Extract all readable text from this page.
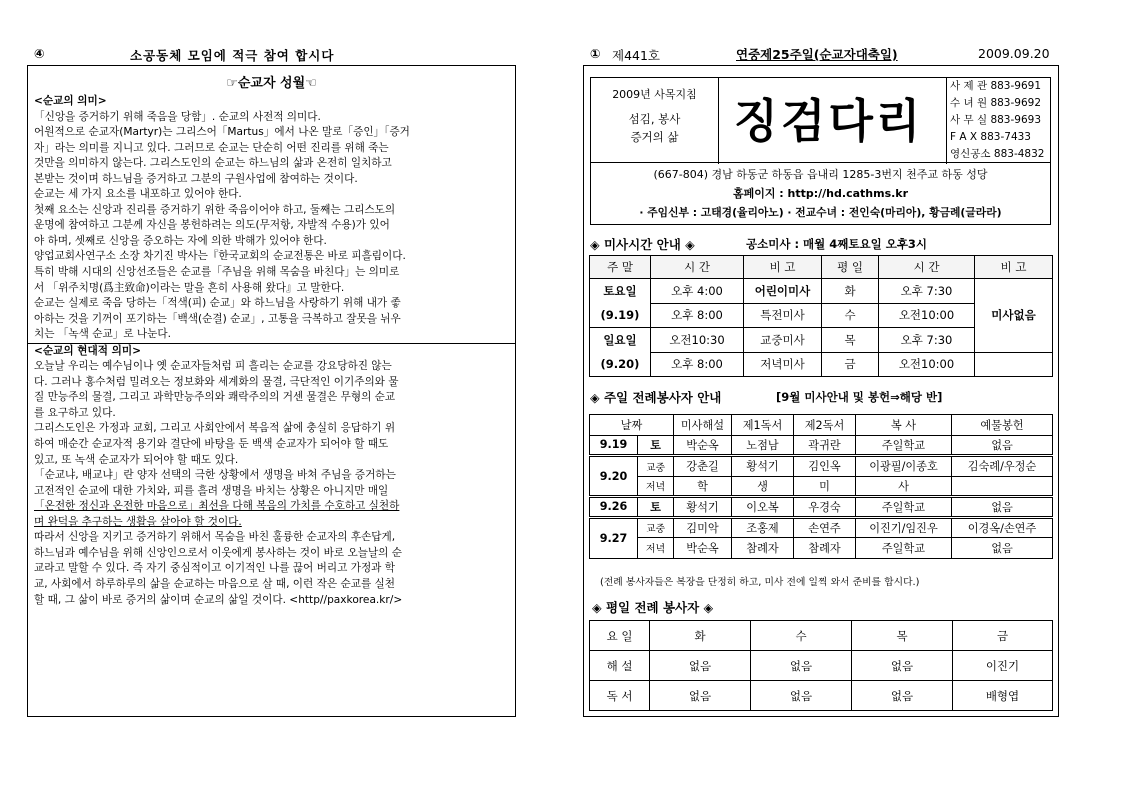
④	소공동체 모임에 적극 참여 합시다	① 제441호	연중제25주일(순교자대축일)	2009.09.20
☞순교자 성월☜

<순교의 의미>

「신앙을 증거하기 위해 죽음을 당함」. 순교의 사전적 의미다.

어원적으로 순교자(Martyr)는 그리스어「Martus」에서 나온 말로「증인」「증거

자」라는 의미를 지니고 있다. 그러므로 순교는 단순히 어떤 진리를 위해 죽는

것만을 의미하지 않는다. 그리스도인의 순교는 하느님의 삶과 온전히 일치하고

본받는 것이며 하느님을 증거하고 그분의 구원사업에 참여하는 것이다.

순교는 세 가지 요소를 내포하고 있어야 한다.

첫째 요소는 신앙과 진리를 증거하기 위한 죽음이어야 하고, 둘째는 그리스도의

운명에 참여하고 그분께 자신을 봉헌하려는 의도(무저항, 자발적 수용)가 있어

야 하며, 셋째로 신앙을 증오하는 자에 의한 박해가 있어야 한다.

양업교회사연구소 소장 차기진 박사는『한국교회의 순교전통은 바로 피흘림이다.

특히 박해 시대의 신앙선조들은 순교를「주님을 위해 목숨을 바친다」는 의미로

서 「위주치명(爲主致命)이라는 말을 흔히 사용해 왔다』고 말한다.

순교는 실제로 죽음 당하는「적색(피) 순교」와 하느님을 사랑하기 위해 내가 좋

아하는 것을 기꺼이 포기하는「백색(순결) 순교」, 고통을 극복하고 잘못을 뉘우

치는 「녹색 순교」로 나눈다.

<순교의 현대적 의미>

오늘날 우리는 예수님이나 옛 순교자들처럼 피 흘리는 순교를 강요당하진 않는

다. 그러나 홍수처럼 밀려오는 정보화와 세계화의 물결, 극단적인 이기주의와 물

질 만능주의 물결, 그리고 과학만능주의와 쾌락주의의 거센 물결은 무형의 순교

를 요구하고 있다.

그리스도인은 가정과 교회, 그리고 사회안에서 복음적 삶에 충실히 응답하기 위

하여 매순간 순교자적 용기와 결단에 바탕을 둔 백색 순교자가 되어야 할 때도

있고, 또 녹색 순교자가 되어야 할 때도 있다.

「순교냐, 배교냐」란 양자 선택의 극한 상황에서 생명을 바쳐 주님을 증거하는

고전적인 순교에 대한 가치와, 피를 흘려 생명을 바치는 상황은 아니지만 매일

「온전한 정신과 온전한 마음으로」최선을 다해 복음의 가치를 수호하고 실천하

며 완덕을 추구하는 생활을 살아야 할 것이다.

따라서 신앙을 지키고 증거하기 위해서 목숨을 바친 훌륭한 순교자의 후손답게,

하느님과 예수님을 위해 신앙인으로서 이웃에게 봉사하는 것이 바로 오늘날의 순

교라고 말할 수 있다. 즉 자기 중심적이고 이기적인 나를 끊어 버리고 가정과 학

교, 사회에서 하루하루의 삶을 순교하는 마음으로 살 때, 이런 작은 순교를 실천

할 때, 그 삶이 바로 증거의 삶이며 순교의 삶일 것이다. <http//paxkorea.kr/>

2009년 사목지침
섬김, 봉사
증거의 삶	징검다리
사 제 관 883-9691
수 녀 원 883-9692
사 무 실 883-9693
F A X 883-7433
영신공소 883-4832
(667-804) 경남 하동군 하동읍 읍내리 1285-3번지 천주교 하동 성당
홈페이지 : http://hd.cathms.kr
· 주임신부 : 고태경(율리아노) · 전교수녀 : 전인숙(마리아), 황금례(글라라)
◈ 미사시간 안내 ◈	공소미사 : 매월 4째토요일 오후3시
주 말	시 간	비 고	평 일	시 간	비 고
토요일	오후 4:00	어린이미사	화	오후 7:30	미사없음
(9.19)	오후 8:00	특전미사	수	오전10:00	
일요일	오전10:30	교중미사	목	오후 7:30	
(9.20)	오후 8:00	저녁미사	금	오전10:00	
◈ 주일 전례봉사자 안내	[9월 미사안내 및 봉헌⇒해당 반]
날짜		미사해설	제1독서	제2독서	복 사	예물봉헌
9.19	토	박순옥	노점남	곽귀란	주일학교	없음
9.20	교중	강춘길	황석기	김인옥	이광필/이종호	김숙례/우정순
	저녁	학	생	미	사	
9.26	토	황석기	이오복	우경숙	주일학교	없음
9.27	교중	김미악	조홍제	손연주	이진기/임진우	이경옥/손연주
	저녁	박순옥	참례자	참례자	주일학교	없음
(전례 봉사자들은 복장을 단정히 하고, 미사 전에 일찍 와서 준비를 합시다.)
◈ 평일 전례 봉사자 ◈
요 일	화	수	목	금
해 설	없음	없음	없음	이진기
독 서	없음	없음	없음	배형엽
